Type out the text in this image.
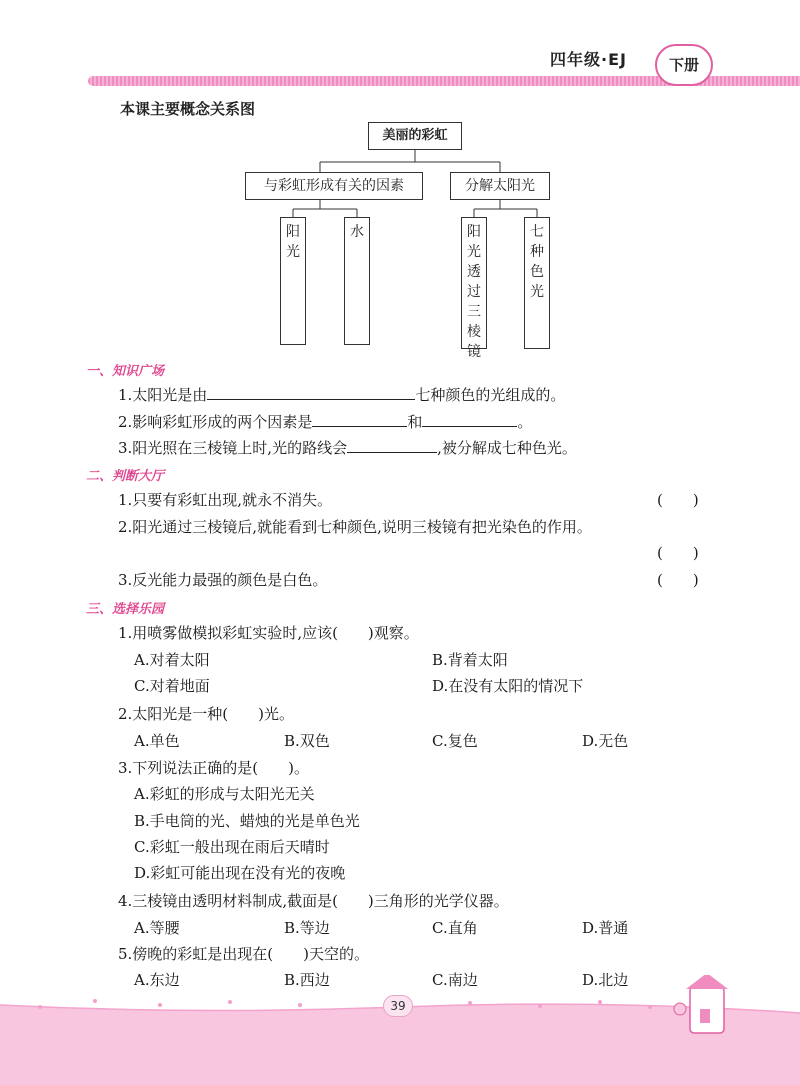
四年级·EJ	下册
本课主要概念关系图
美丽的彩虹
与彩虹形成有关的因素	分解太阳光
阳
光
水	阳
光
透
过
三
棱
镜
七
种
色
光
一、知识广场
1.太阳光是由	七种颜色的光组成的。
2.影响彩虹形成的两个因素是	和	。
3.阳光照在三棱镜上时,光的路线会	,被分解成七种色光。
二、判断大厅
1.只要有彩虹出现,就永不消失。	(　　)
2.阳光通过三棱镜后,就能看到七种颜色,说明三棱镜有把光染色的作用。
(　　)
3.反光能力最强的颜色是白色。	(　　)
三、选择乐园
1.用喷雾做模拟彩虹实验时,应该(　　)观察。
A.对着太阳	B.背着太阳
C.对着地面	D.在没有太阳的情况下
2.太阳光是一种(　　)光。
A.单色	B.双色	C.复色	D.无色
3.下列说法正确的是(　　)。
A.彩虹的形成与太阳光无关
B.手电筒的光、蜡烛的光是单色光
C.彩虹一般出现在雨后天晴时
D.彩虹可能出现在没有光的夜晚
4.三棱镜由透明材料制成,截面是(　　)三角形的光学仪器。
A.等腰	B.等边	C.直角	D.普通
5.傍晚的彩虹是出现在(　　)天空的。
A.东边	B.西边	C.南边	D.北边
39
